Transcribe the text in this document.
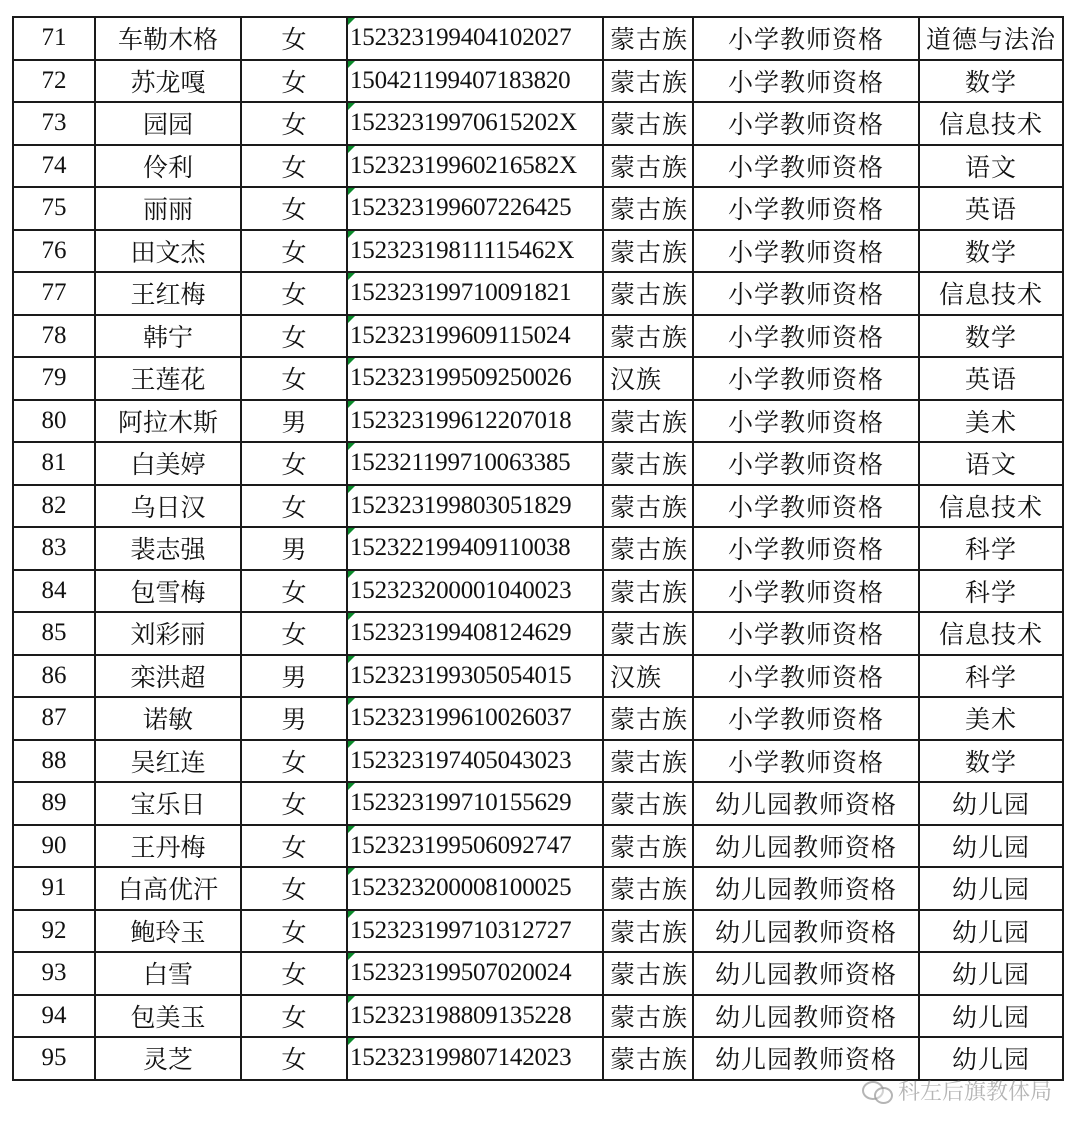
71	车勒木格	女	152323199404102027	蒙古族	小学教师资格	道德与法治
72	苏龙嘎	女	150421199407183820	蒙古族	小学教师资格	数学
73	园园	女	15232319970615202X	蒙古族	小学教师资格	信息技术
74	伶利	女	15232319960216582X	蒙古族	小学教师资格	语文
75	丽丽	女	152323199607226425	蒙古族	小学教师资格	英语
76	田文杰	女	15232319811115462X	蒙古族	小学教师资格	数学
77	王红梅	女	152323199710091821	蒙古族	小学教师资格	信息技术
78	韩宁	女	152323199609115024	蒙古族	小学教师资格	数学
79	王莲花	女	152323199509250026	汉族	小学教师资格	英语
80	阿拉木斯	男	152323199612207018	蒙古族	小学教师资格	美术
81	白美婷	女	152321199710063385	蒙古族	小学教师资格	语文
82	乌日汉	女	152323199803051829	蒙古族	小学教师资格	信息技术
83	裴志强	男	152322199409110038	蒙古族	小学教师资格	科学
84	包雪梅	女	152323200001040023	蒙古族	小学教师资格	科学
85	刘彩丽	女	152323199408124629	蒙古族	小学教师资格	信息技术
86	栾洪超	男	152323199305054015	汉族	小学教师资格	科学
87	诺敏	男	152323199610026037	蒙古族	小学教师资格	美术
88	吴红连	女	152323197405043023	蒙古族	小学教师资格	数学
89	宝乐日	女	152323199710155629	蒙古族	幼儿园教师资格	幼儿园
90	王丹梅	女	152323199506092747	蒙古族	幼儿园教师资格	幼儿园
91	白高优汗	女	152323200008100025	蒙古族	幼儿园教师资格	幼儿园
92	鲍玲玉	女	152323199710312727	蒙古族	幼儿园教师资格	幼儿园
93	白雪	女	152323199507020024	蒙古族	幼儿园教师资格	幼儿园
94	包美玉	女	152323198809135228	蒙古族	幼儿园教师资格	幼儿园
95	灵芝	女	152323199807142023	蒙古族	幼儿园教师资格	幼儿园
科左后旗教体局
